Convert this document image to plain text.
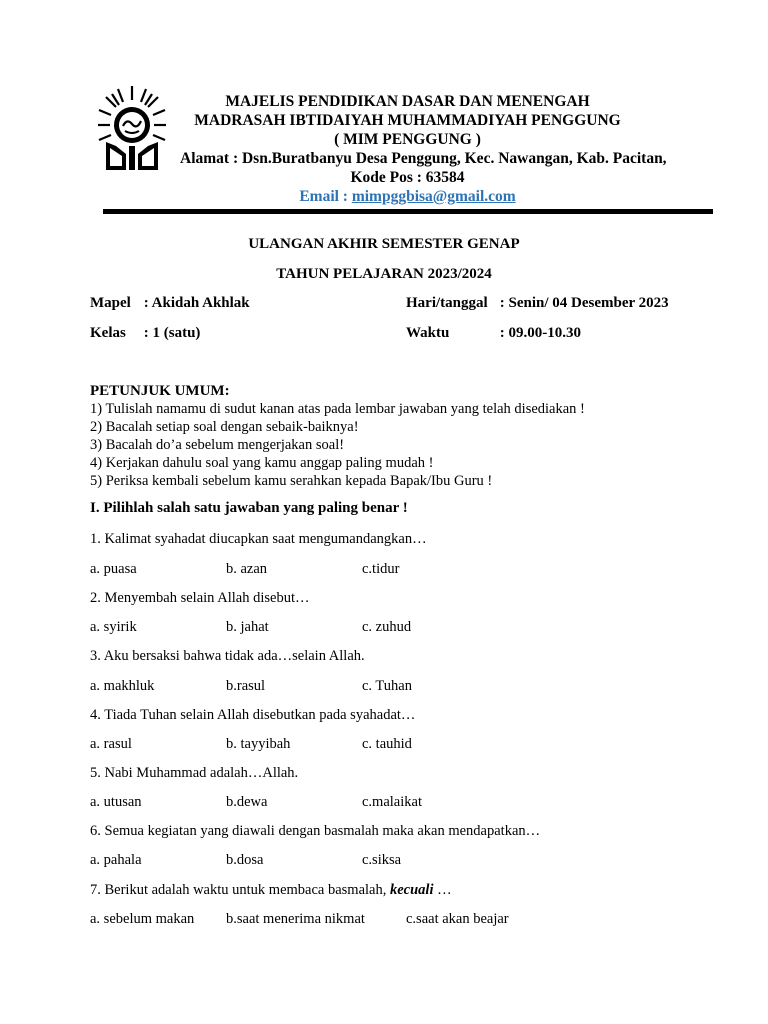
MAJELIS PENDIDIKAN DASAR DAN MENENGAH
MADRASAH IBTIDAIYAH MUHAMMADIYAH PENGGUNG
( MIM PENGGUNG )
Alamat : Dsn.Buratbanyu Desa Penggung, Kec. Nawangan, Kab. Pacitan,
Kode Pos : 63584
Email : mimpggbisa@gmail.com
ULANGAN AKHIR SEMESTER GENAP
TAHUN PELAJARAN 2023/2024
Mapel : Akidah Akhlak	Hari/tanggal : Senin/ 04 Desember 2023
Kelas : 1 (satu)	Waktu	: 09.00-10.30
PETUNJUK UMUM:
1) Tulislah namamu di sudut kanan atas pada lembar jawaban yang telah disediakan !
2) Bacalah setiap soal dengan sebaik-baiknya!
3) Bacalah do’a sebelum mengerjakan soal!
4) Kerjakan dahulu soal yang kamu anggap paling mudah !
5) Periksa kembali sebelum kamu serahkan kepada Bapak/Ibu Guru !
I. Pilihlah salah satu jawaban yang paling benar !
1. Kalimat syahadat diucapkan saat mengumandangkan…
a. puasa	b. azan	c.tidur
2. Menyembah selain Allah disebut…
a. syirik	b. jahat	c. zuhud
3. Aku bersaksi bahwa tidak ada…selain Allah.
a. makhluk	b.rasul	c. Tuhan
4. Tiada Tuhan selain Allah disebutkan pada syahadat…
a. rasul	b. tayyibah	c. tauhid
5. Nabi Muhammad adalah…Allah.
a. utusan	b.dewa	c.malaikat
6. Semua kegiatan yang diawali dengan basmalah maka akan mendapatkan…
a. pahala	b.dosa	c.siksa
7. Berikut adalah waktu untuk membaca basmalah, kecuali …
a. sebelum makan b.saat menerima nikmat	c.saat akan beajar
